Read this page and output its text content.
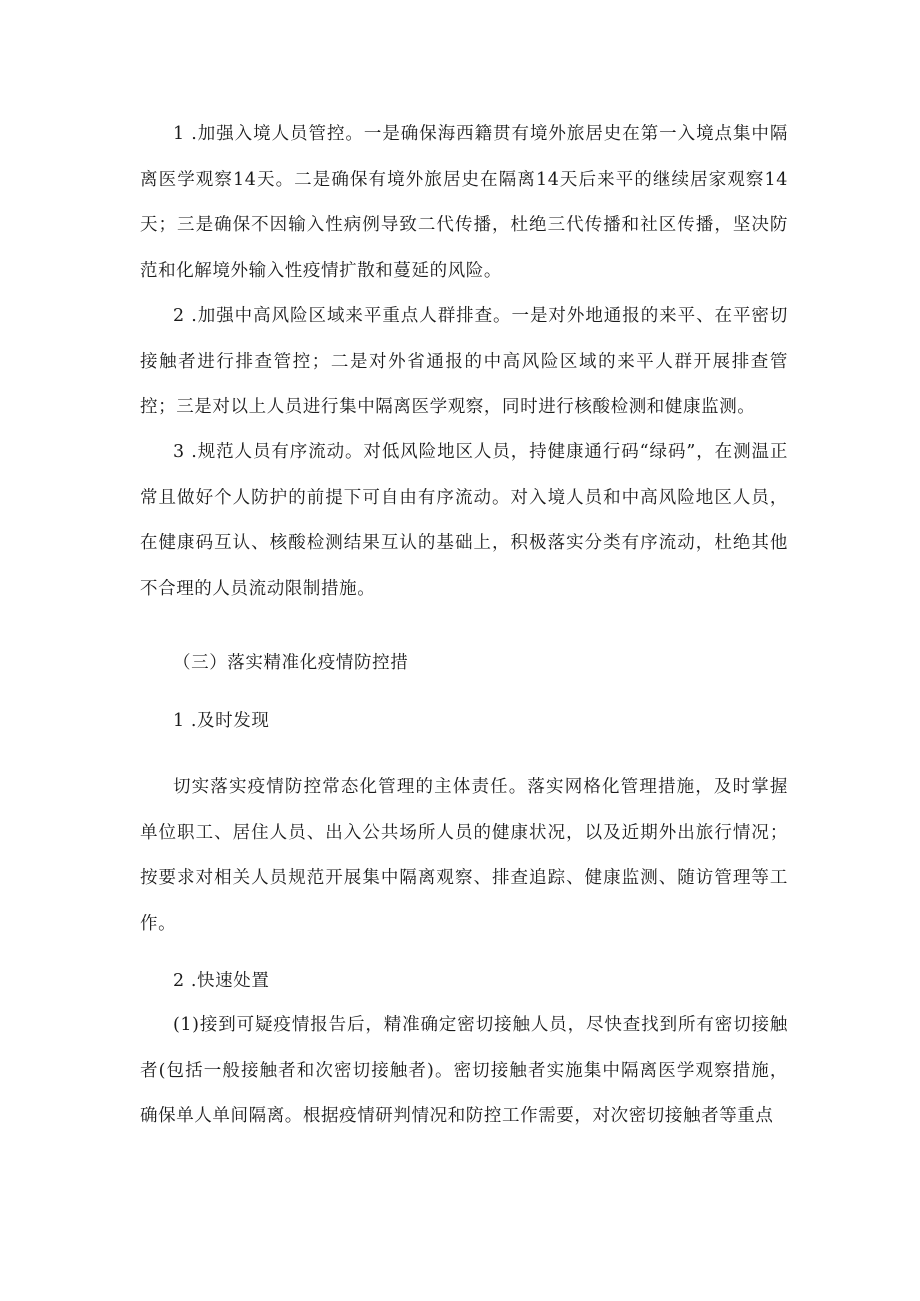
1 .加强入境人员管控。一是确保海西籍贯有境外旅居史在第一入境点集中隔离医学观察14天。二是确保有境外旅居史在隔离14天后来平的继续居家观察14天；三是确保不因输入性病例导致二代传播，杜绝三代传播和社区传播，坚决防范和化解境外输入性疫情扩散和蔓延的风险。

2 .加强中高风险区域来平重点人群排查。一是对外地通报的来平、在平密切接触者进行排查管控；二是对外省通报的中高风险区域的来平人群开展排查管控；三是对以上人员进行集中隔离医学观察，同时进行核酸检测和健康监测。

3 .规范人员有序流动。对低风险地区人员，持健康通行码“绿码”，在测温正常且做好个人防护的前提下可自由有序流动。对入境人员和中高风险地区人员，在健康码互认、核酸检测结果互认的基础上，积极落实分类有序流动，杜绝其他不合理的人员流动限制措施。

（三）落实精准化疫情防控措

1 .及时发现

切实落实疫情防控常态化管理的主体责任。落实网格化管理措施，及时掌握单位职工、居住人员、出入公共场所人员的健康状况，以及近期外出旅行情况；按要求对相关人员规范开展集中隔离观察、排查追踪、健康监测、随访管理等工作。

2 .快速处置

(1)接到可疑疫情报告后，精准确定密切接触人员，尽快查找到所有密切接触者(包括一般接触者和次密切接触者)。密切接触者实施集中隔离医学观察措施，确保单人单间隔离。根据疫情研判情况和防控工作需要，对次密切接触者等重点
